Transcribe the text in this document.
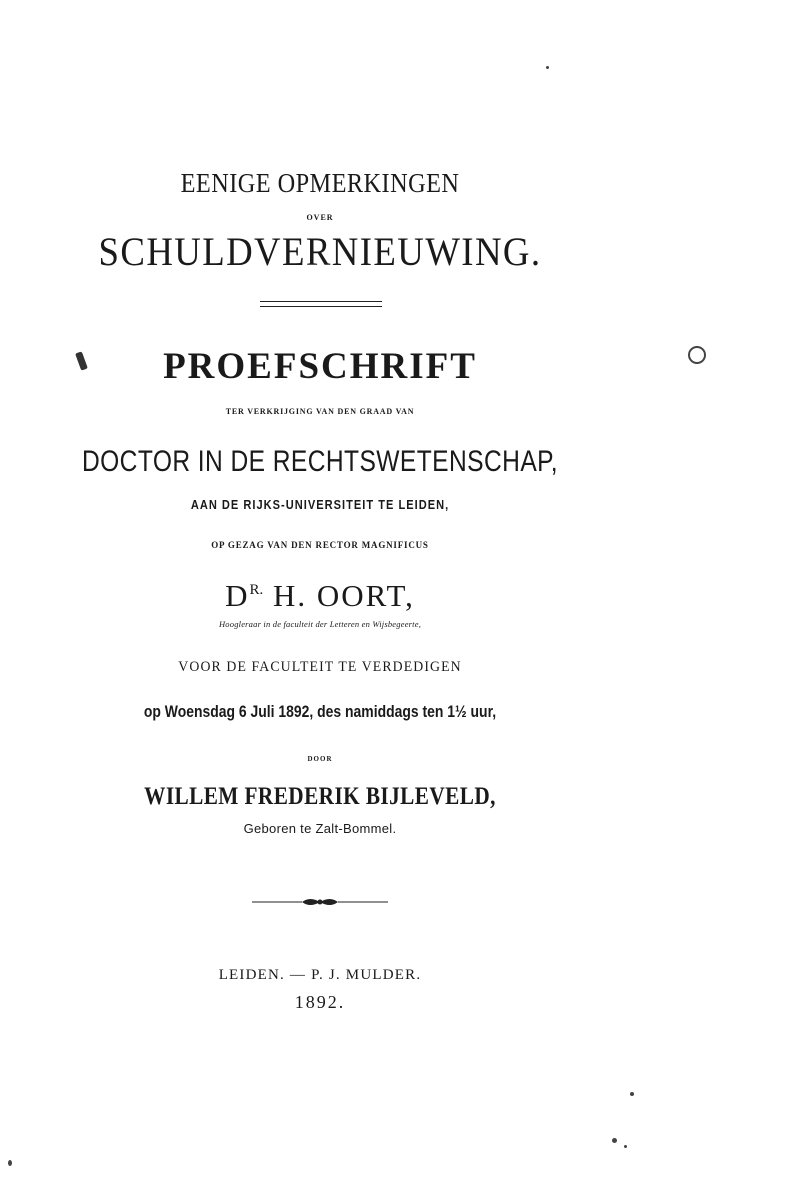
EENIGE OPMERKINGEN
OVER
SCHULDVERNIEUWING.
PROEFSCHRIFT
TER VERKRIJGING VAN DEN GRAAD VAN
DOCTOR IN DE RECHTSWETENSCHAP,
AAN DE RIJKS-UNIVERSITEIT TE LEIDEN,
OP GEZAG VAN DEN RECTOR MAGNIFICUS
$D^{R.}$ H. OORT,
Hoogleraar in de faculteit der Letteren en Wijsbegeerte,
VOOR DE FACULTEIT TE VERDEDIGEN
op Woensdag 6 Juli 1892, des namiddags ten 1½ uur,
DOOR
WILLEM FREDERIK BIJLEVELD,
Geboren te Zalt-Bommel.
LEIDEN. — P. J. MULDER.
1892.
